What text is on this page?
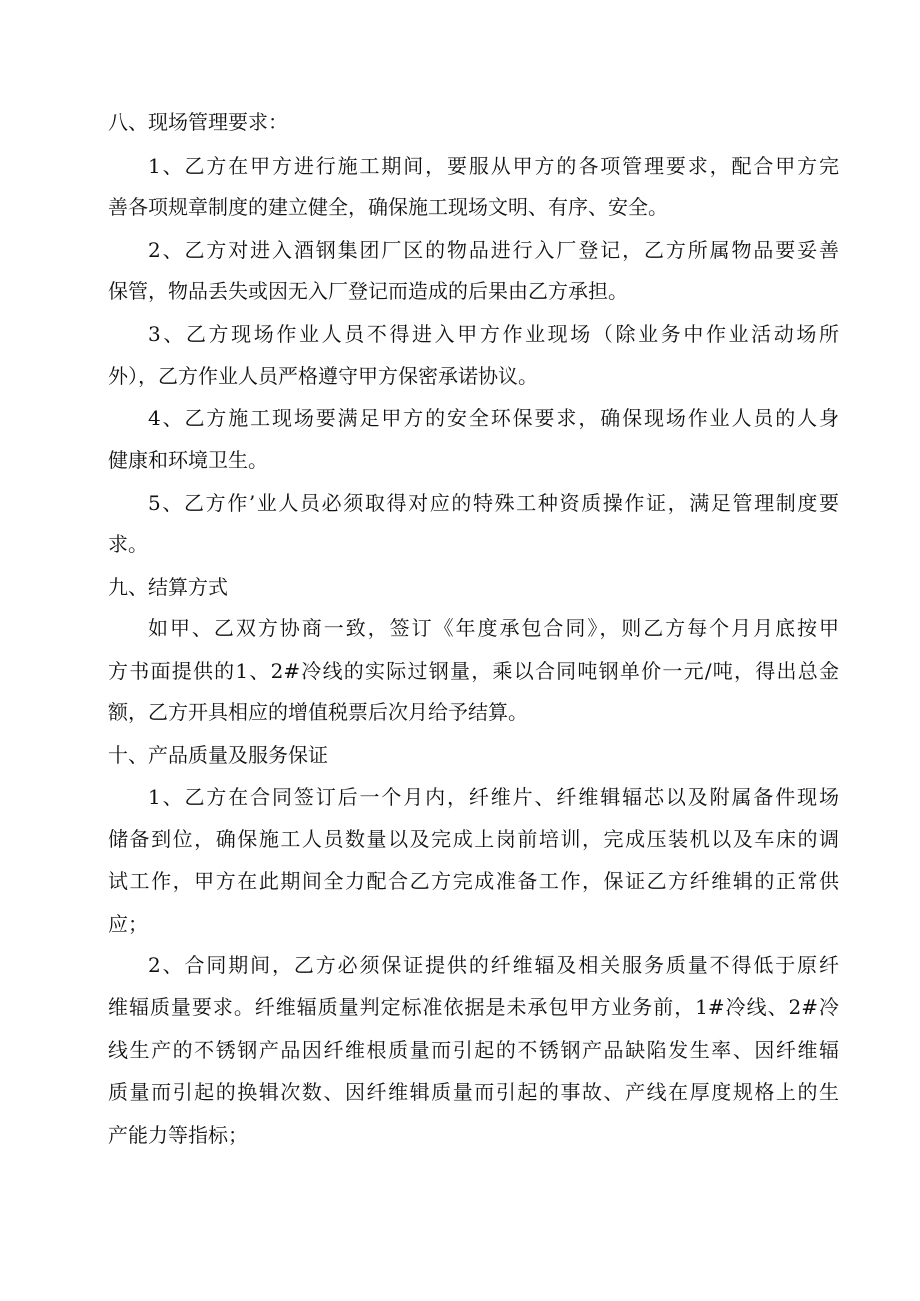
八、现场管理要求：
1、乙方在甲方进行施工期间，要服从甲方的各项管理要求，配合甲方完
善各项规章制度的建立健全，确保施工现场文明、有序、安全。
2、乙方对进入酒钢集团厂区的物品进行入厂登记，乙方所属物品要妥善
保管，物品丢失或因无入厂登记而造成的后果由乙方承担。
3、乙方现场作业人员不得进入甲方作业现场（除业务中作业活动场所
外），乙方作业人员严格遵守甲方保密承诺协议。
4、乙方施工现场要满足甲方的安全环保要求，确保现场作业人员的人身
健康和环境卫生。
5、乙方作’业人员必须取得对应的特殊工种资质操作证，满足管理制度要
求。
九、结算方式
如甲、乙双方协商一致，签订《年度承包合同》，则乙方每个月月底按甲
方书面提供的1、2#冷线的实际过钢量，乘以合同吨钢单价一元/吨，得出总金
额，乙方开具相应的增值税票后次月给予结算。
十、产品质量及服务保证
1、乙方在合同签订后一个月内，纤维片、纤维辑辐芯以及附属备件现场
储备到位，确保施工人员数量以及完成上岗前培训，完成压装机以及车床的调
试工作，甲方在此期间全力配合乙方完成准备工作，保证乙方纤维辑的正常供
应；
2、合同期间，乙方必须保证提供的纤维辐及相关服务质量不得低于原纤
维辐质量要求。纤维辐质量判定标准依据是未承包甲方业务前，1#冷线、2#冷
线生产的不锈钢产品因纤维根质量而引起的不锈钢产品缺陷发生率、因纤维辐
质量而引起的换辑次数、因纤维辑质量而引起的事故、产线在厚度规格上的生
产能力等指标；
